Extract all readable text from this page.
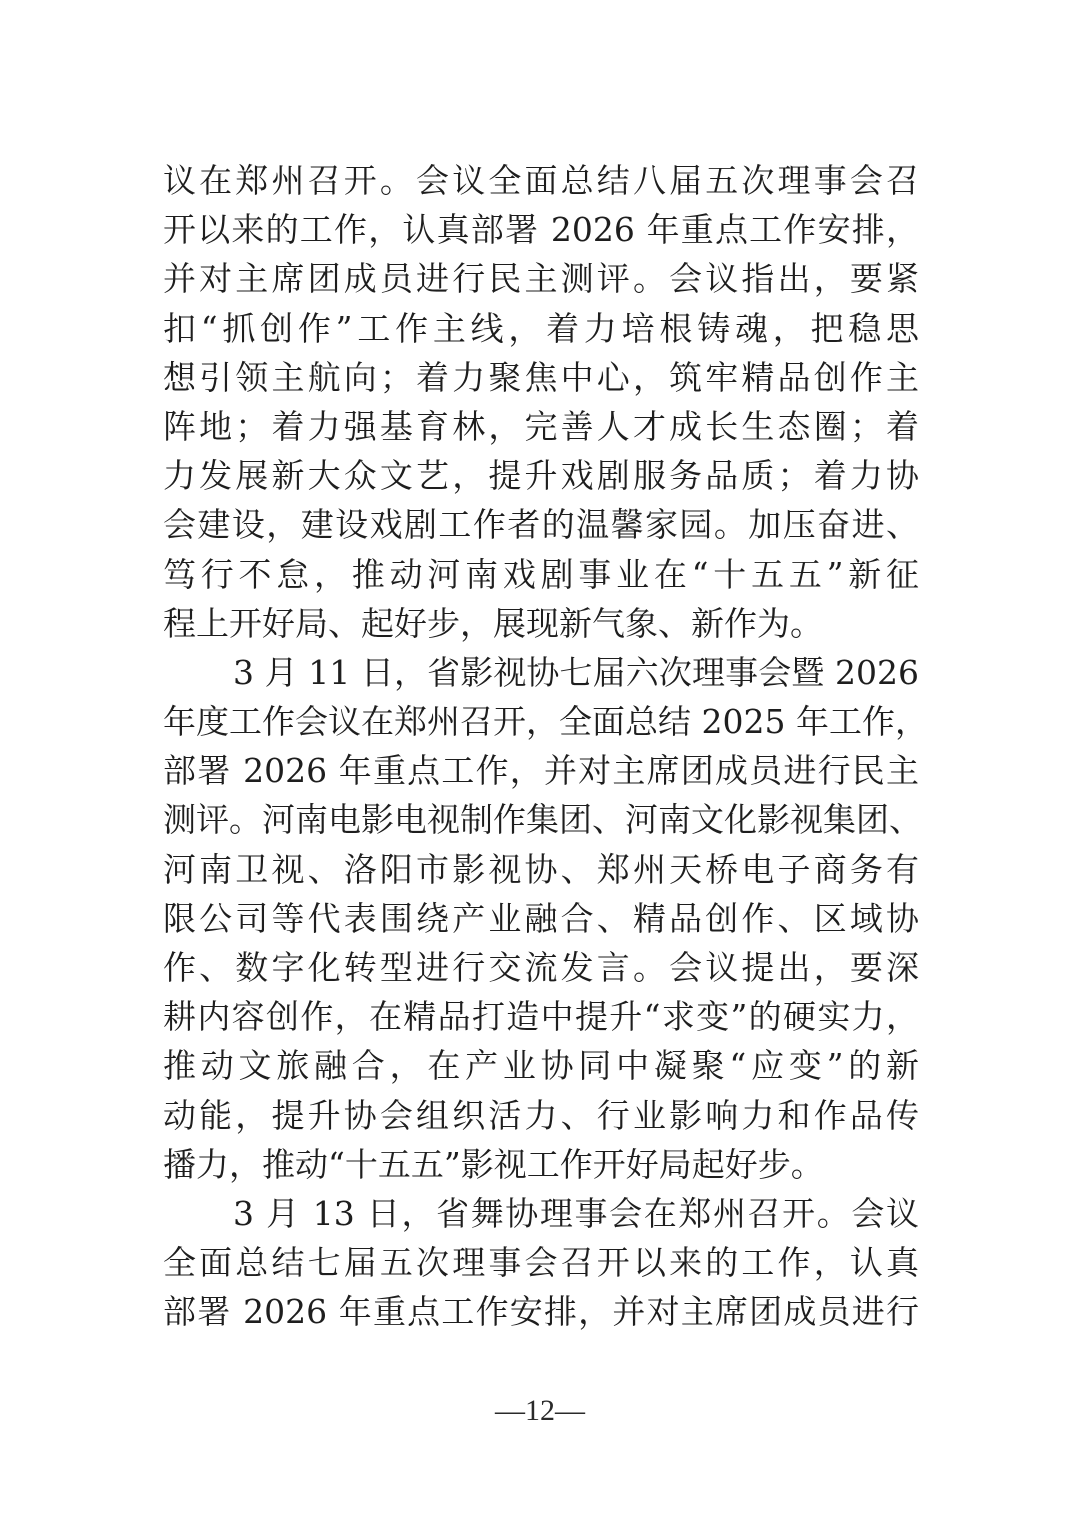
议在郑州召开。会议全面总结八届五次理事会召
开以来的工作，认真部署 2026 年重点工作安排，
并对主席团成员进行民主测评。会议指出，要紧
扣“抓创作”工作主线，着力培根铸魂，把稳思
想引领主航向；着力聚焦中心，筑牢精品创作主
阵地；着力强基育林，完善人才成长生态圈；着
力发展新大众文艺，提升戏剧服务品质；着力协
会建设，建设戏剧工作者的温馨家园。加压奋进、
笃行不怠，推动河南戏剧事业在“十五五”新征
程上开好局、起好步，展现新气象、新作为。
3 月 11 日，省影视协七届六次理事会暨 2026
年度工作会议在郑州召开，全面总结 2025 年工作，
部署 2026 年重点工作，并对主席团成员进行民主
测评。河南电影电视制作集团、河南文化影视集团、
河南卫视、洛阳市影视协、郑州天桥电子商务有
限公司等代表围绕产业融合、精品创作、区域协
作、数字化转型进行交流发言。会议提出，要深
耕内容创作，在精品打造中提升“求变”的硬实力，
推动文旅融合，在产业协同中凝聚“应变”的新
动能，提升协会组织活力、行业影响力和作品传
播力，推动“十五五”影视工作开好局起好步。
3 月 13 日，省舞协理事会在郑州召开。会议
全面总结七届五次理事会召开以来的工作，认真
部署 2026 年重点工作安排，并对主席团成员进行
—12—
